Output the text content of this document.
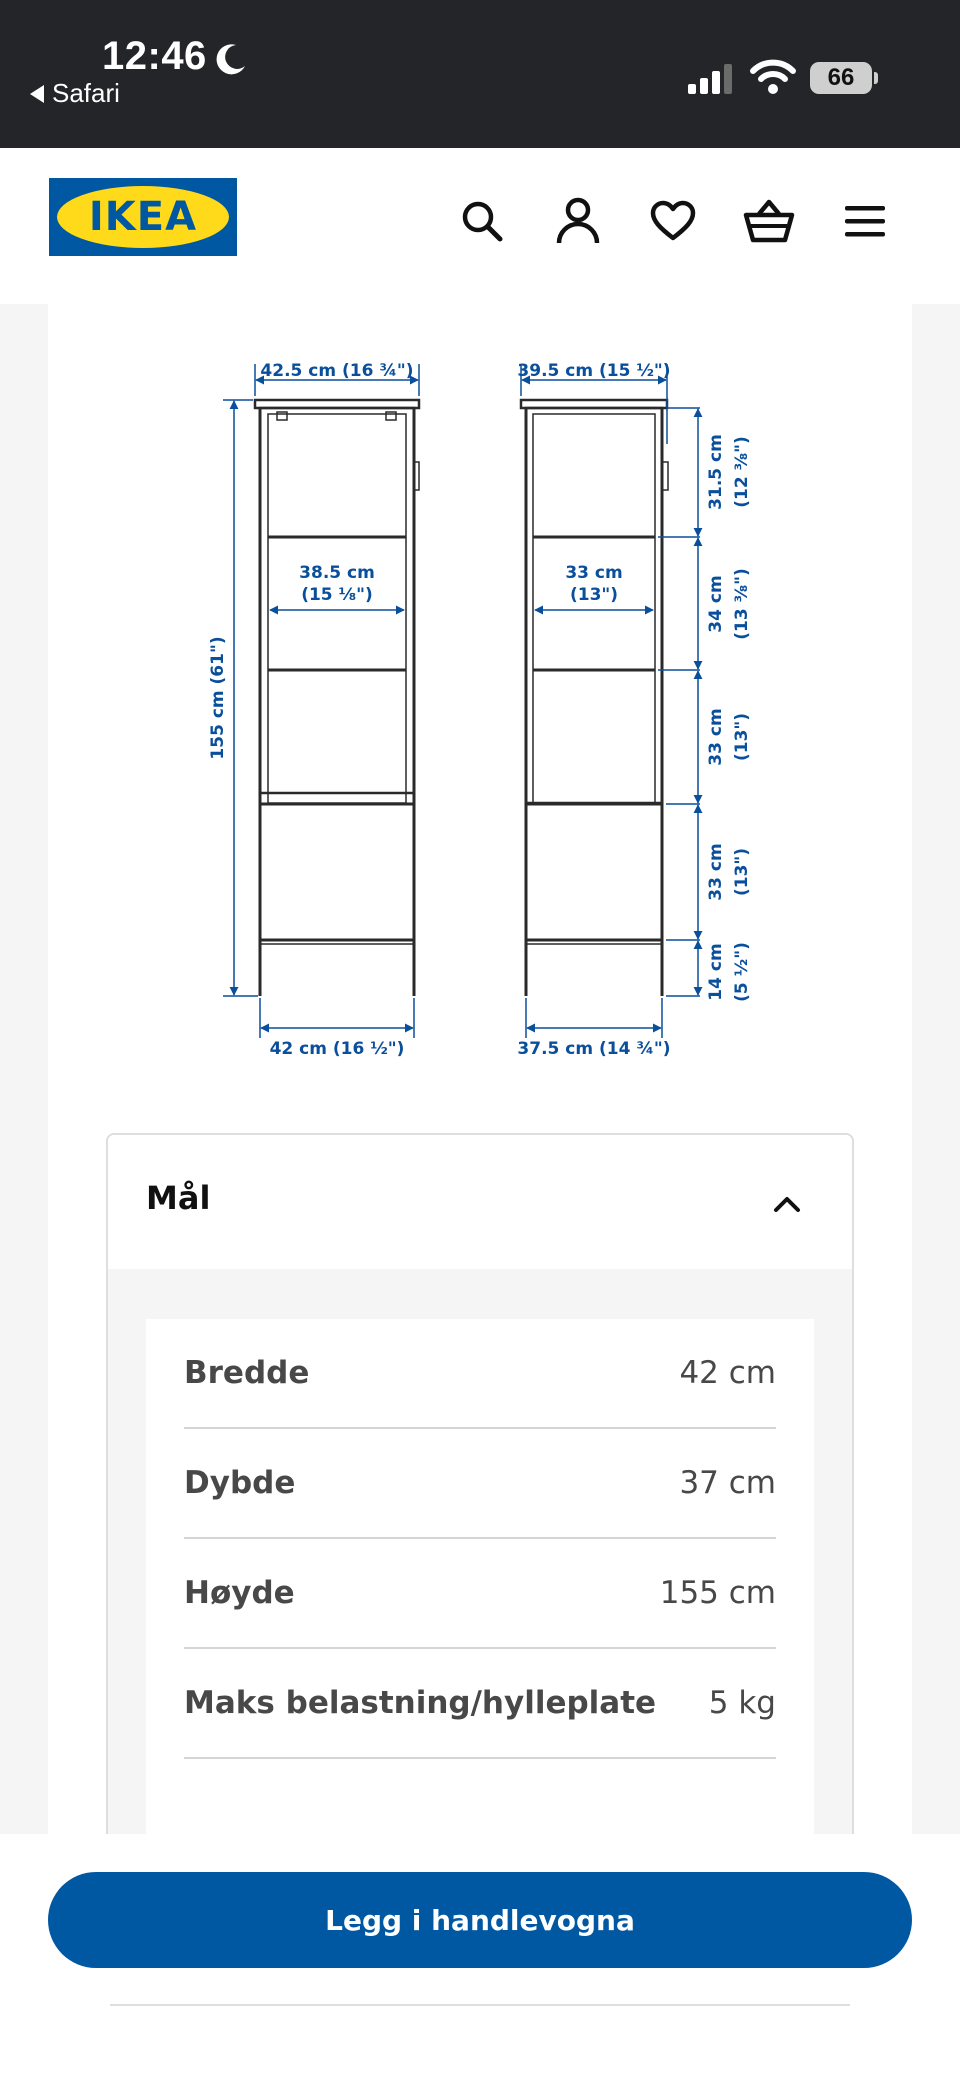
12:46
Safari
66
IKEA
42.5 cm (16 ¾")
38.5 cm
(15 ⅛")
155 cm (61")
42 cm (16 ½")
39.5 cm (15 ½")
33 cm
(13")
37.5 cm (14 ¾")
31.5 cm (12 ⅜")
34 cm (13 ⅜")
33 cm (13")
33 cm (13")
14 cm (5 ½")
Mål
Bredde	42 cm
Dybde	37 cm
Høyde	155 cm
Maks belastning/hylleplate 5 kg
Legg i handlevogna
